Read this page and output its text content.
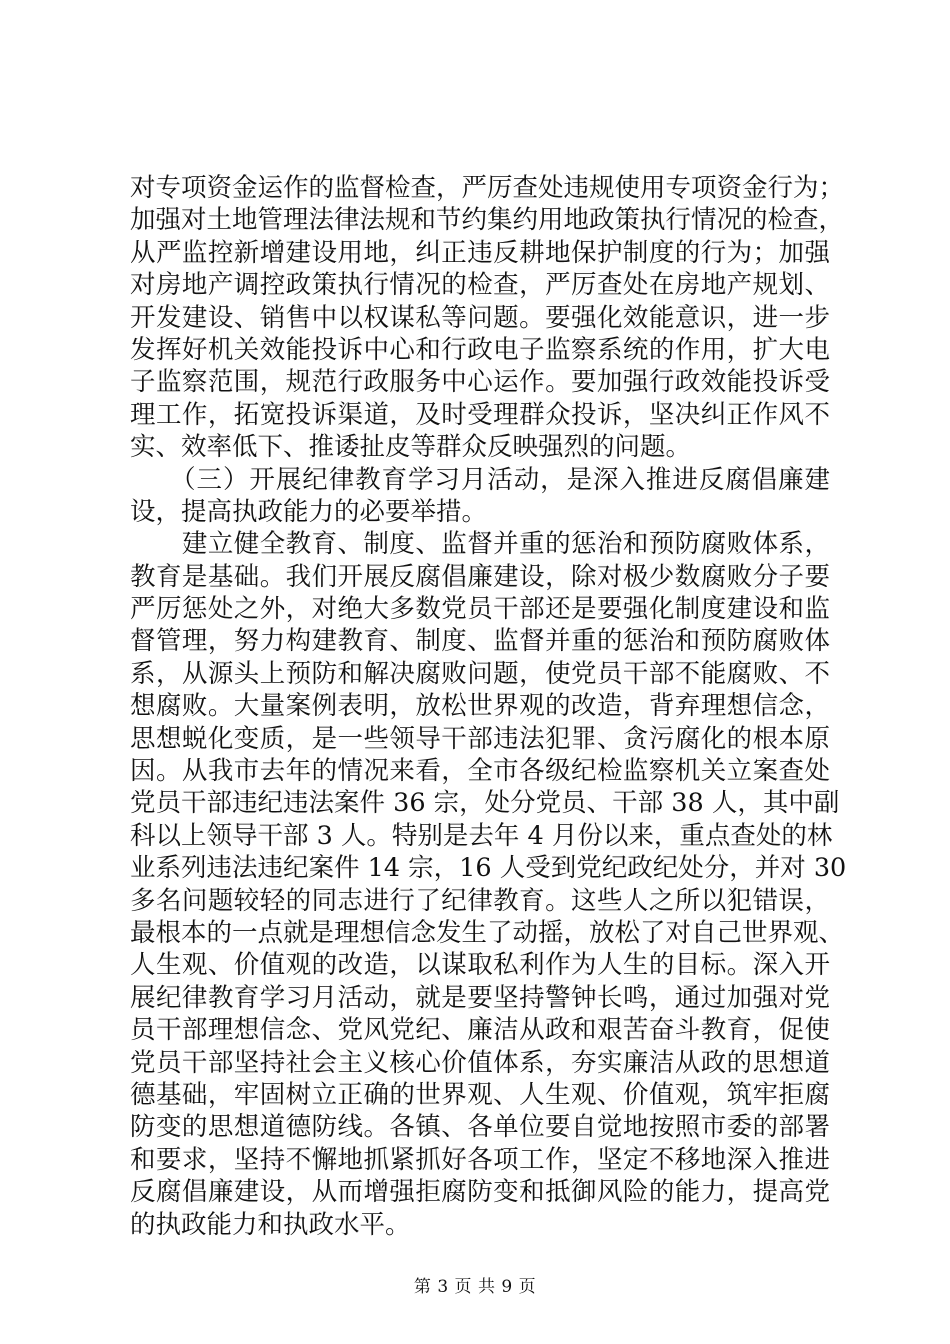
对专项资金运作的监督检查，严厉查处违规使用专项资金行为；
加强对土地管理法律法规和节约集约用地政策执行情况的检查，
从严监控新增建设用地，纠正违反耕地保护制度的行为；加强
对房地产调控政策执行情况的检查，严厉查处在房地产规划、
开发建设、销售中以权谋私等问题。要强化效能意识，进一步
发挥好机关效能投诉中心和行政电子监察系统的作用，扩大电
子监察范围，规范行政服务中心运作。要加强行政效能投诉受
理工作，拓宽投诉渠道，及时受理群众投诉，坚决纠正作风不
实、效率低下、推诿扯皮等群众反映强烈的问题。
　　（三）开展纪律教育学习月活动，是深入推进反腐倡廉建
设，提高执政能力的必要举措。
　　建立健全教育、制度、监督并重的惩治和预防腐败体系，
教育是基础。我们开展反腐倡廉建设，除对极少数腐败分子要
严厉惩处之外，对绝大多数党员干部还是要强化制度建设和监
督管理，努力构建教育、制度、监督并重的惩治和预防腐败体
系，从源头上预防和解决腐败问题，使党员干部不能腐败、不
想腐败。大量案例表明，放松世界观的改造，背弃理想信念，
思想蜕化变质，是一些领导干部违法犯罪、贪污腐化的根本原
因。从我市去年的情况来看，全市各级纪检监察机关立案查处
党员干部违纪违法案件 36 宗，处分党员、干部 38 人，其中副
科以上领导干部 3 人。特别是去年 4 月份以来，重点查处的林
业系列违法违纪案件 14 宗，16 人受到党纪政纪处分，并对 30
多名问题较轻的同志进行了纪律教育。这些人之所以犯错误，
最根本的一点就是理想信念发生了动摇，放松了对自己世界观、
人生观、价值观的改造，以谋取私利作为人生的目标。深入开
展纪律教育学习月活动，就是要坚持警钟长鸣，通过加强对党
员干部理想信念、党风党纪、廉洁从政和艰苦奋斗教育，促使
党员干部坚持社会主义核心价值体系，夯实廉洁从政的思想道
德基础，牢固树立正确的世界观、人生观、价值观，筑牢拒腐
防变的思想道德防线。各镇、各单位要自觉地按照市委的部署
和要求，坚持不懈地抓紧抓好各项工作，坚定不移地深入推进
反腐倡廉建设，从而增强拒腐防变和抵御风险的能力，提高党
的执政能力和执政水平。
第 3 页 共 9 页
